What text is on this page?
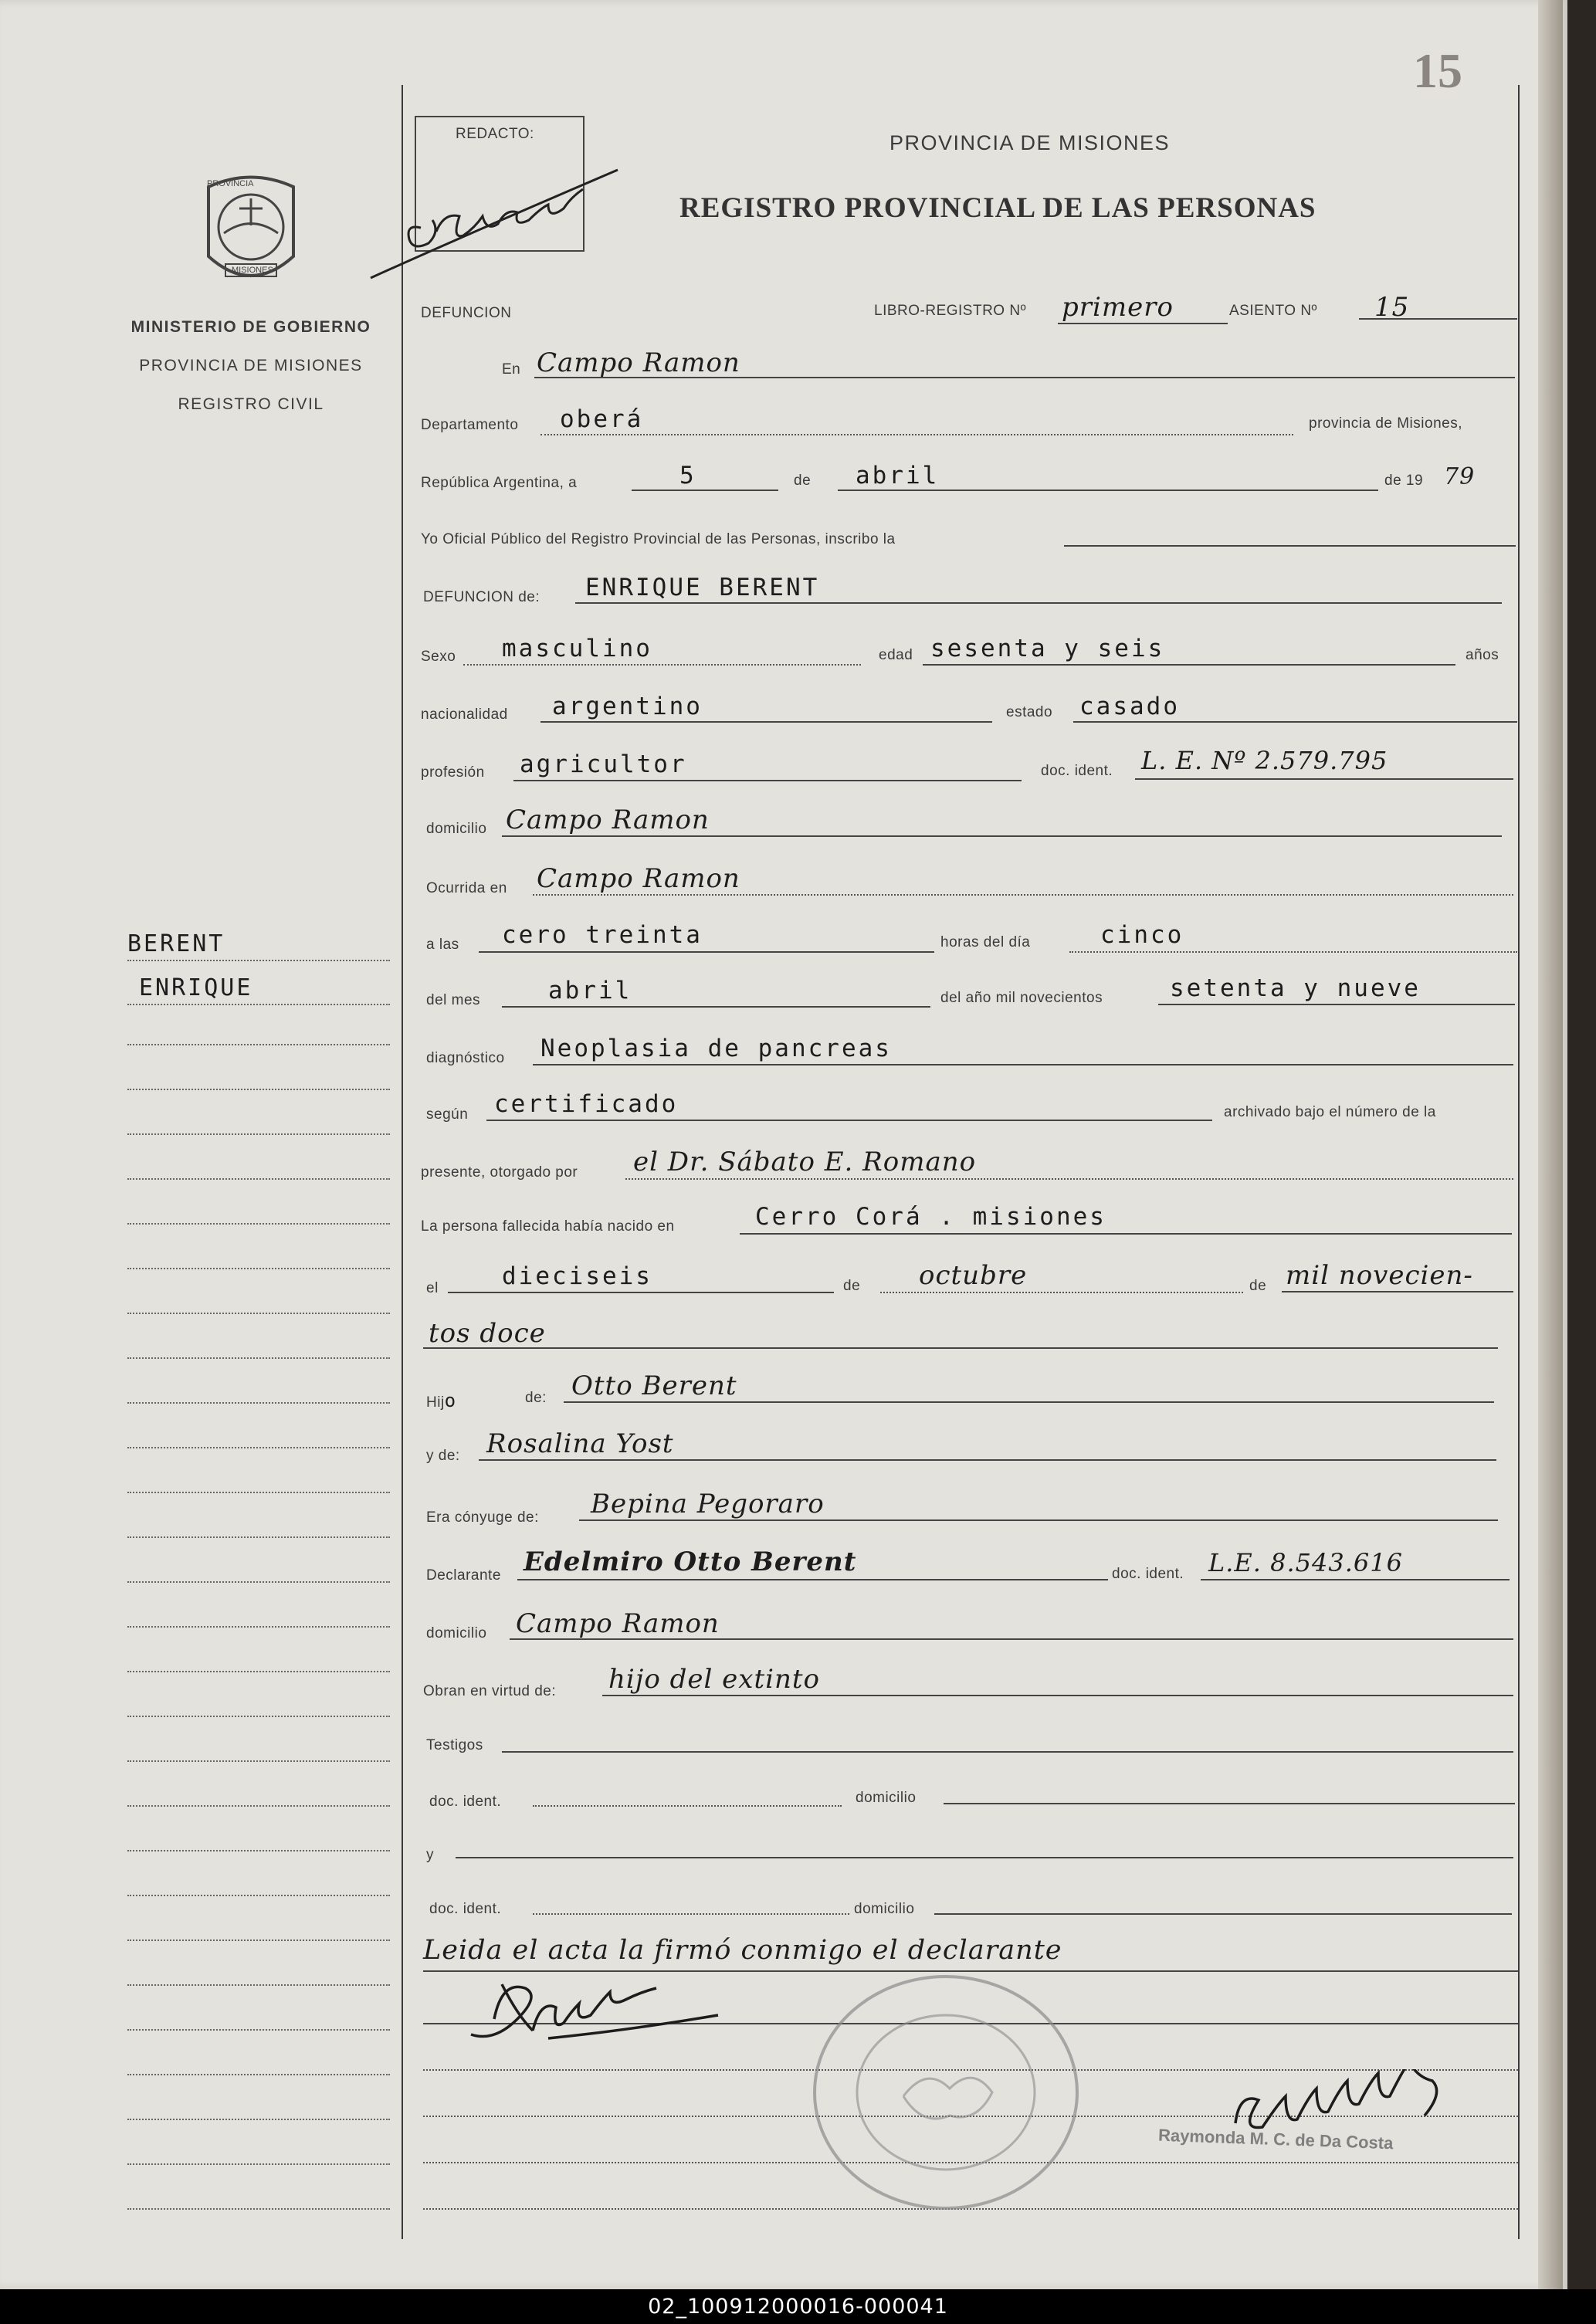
15
PROVINCIA
MISIONES
MINISTERIO DE GOBIERNO
PROVINCIA DE MISIONES
REGISTRO CIVIL
BERENT
ENRIQUE
REDACTO:	PROVINCIA DE MISIONES
REGISTRO PROVINCIAL DE LAS PERSONAS
DEFUNCION	LIBRO-REGISTRO Nº primero	ASIENTO Nº 15
En Campo Ramon
Departamento oberá	provincia de Misiones,
República Argentina, a	5	de abril	de 19 79
Yo Oficial Público del Registro Provincial de las Personas, inscribo la
DEFUNCION de: ENRIQUE BERENT
Sexo masculino	edad sesenta y seis	años
nacionalidad argentino	estado casado
profesión agricultor	doc. ident. L. E. Nº 2.579.795
domicilio Campo Ramon
Ocurrida en Campo Ramon
a las cero treinta	horas del día	cinco
del mes	abril	del año mil novecientos	setenta y nueve
diagnóstico Neoplasia de pancreas
según certificado	archivado bajo el número de la
presente, otorgado por el Dr. Sábato E. Romano
La persona fallecida había nacido en	Cerro Corá . misiones
el	dieciseis	de octubre	de mil novecien-
tos doce
Hijo	de: Otto Berent
y de: Rosalina Yost
Era cónyuge de: Bepina Pegoraro
Declarante Edelmiro Otto Berent	doc. ident. L.E. 8.543.616
domicilio Campo Ramon
Obran en virtud de: hijo del extinto
Testigos
doc. ident.	domicilio
y
doc. ident.	domicilio
Leida el acta la firmó conmigo el declarante
Raymonda M. C. de Da Costa
02_100912000016-000041
